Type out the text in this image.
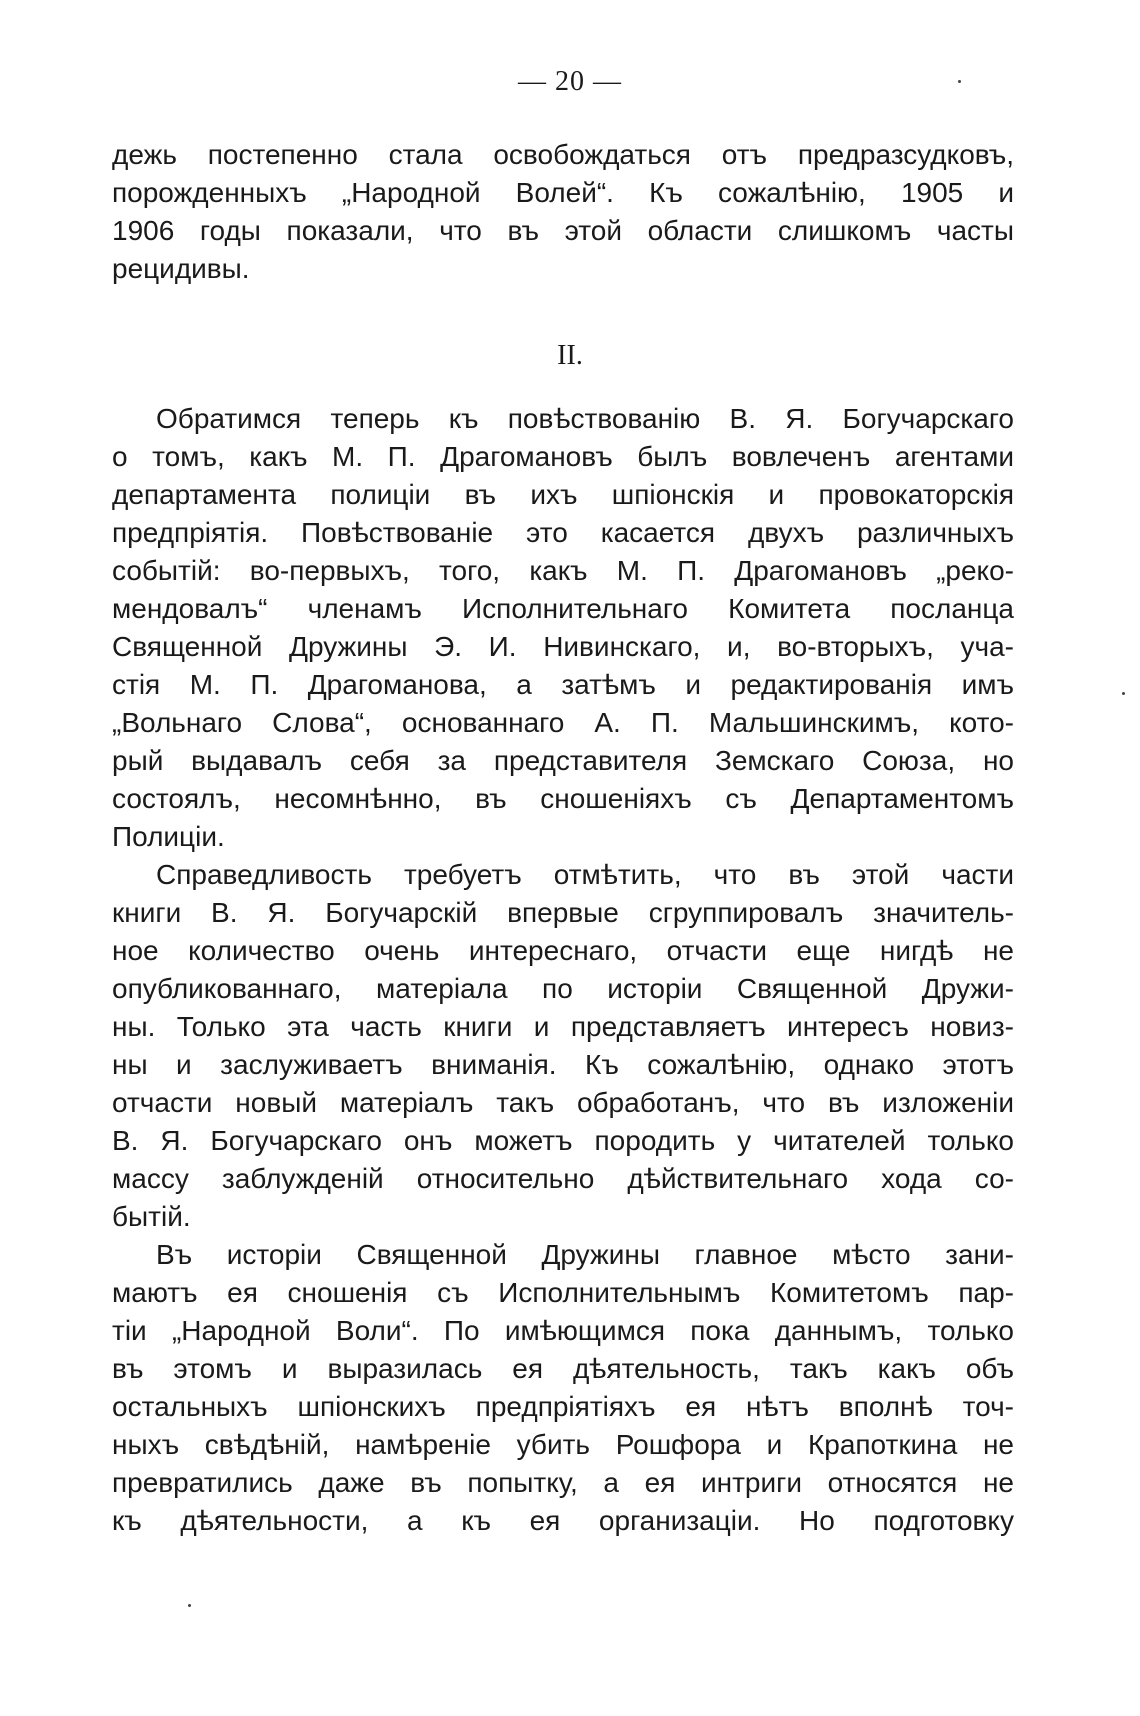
— 20 —
дежь постепенно стала освобождаться отъ предразсудковъ,
порожденныхъ „Народной Волей“. Къ сожалѣнію, 1905 и
1906 годы показали, что въ этой области слишкомъ часты
рецидивы.
II.
Обратимся теперь къ повѣствованію В. Я. Богучарскаго
о томъ, какъ М. П. Драгомановъ былъ вовлеченъ агентами
департамента полиціи въ ихъ шпіонскія и провокаторскія
предпріятія. Повѣствованіе это касается двухъ различныхъ
событій: во-первыхъ, того, какъ М. П. Драгомановъ „реко-
мендовалъ“ членамъ Исполнительнаго Комитета посланца
Священной Дружины Э. И. Нивинскаго, и, во-вторыхъ, уча-
стія М. П. Драгоманова, а затѣмъ и редактированія имъ
„Вольнаго Слова“, основаннаго А. П. Мальшинскимъ, кото-
рый выдавалъ себя за представителя Земскаго Союза, но
состоялъ, несомнѣнно, въ сношеніяхъ съ Департаментомъ
Полиціи.
Справедливость требуетъ отмѣтить, что въ этой части
книги В. Я. Богучарскій впервые сгруппировалъ значитель-
ное количество очень интереснаго, отчасти еще нигдѣ не
опубликованнаго, матеріала по исторіи Священной Дружи-
ны. Только эта часть книги и представляетъ интересъ новиз-
ны и заслуживаетъ вниманія. Къ сожалѣнію, однако этотъ
отчасти новый матеріалъ такъ обработанъ, что въ изложеніи
В. Я. Богучарскаго онъ можетъ породить у читателей только
массу заблужденій относительно дѣйствительнаго хода со-
бытій.
Въ исторіи Священной Дружины главное мѣсто зани-
маютъ ея сношенія съ Исполнительнымъ Комитетомъ пар-
тіи „Народной Воли“. По имѣющимся пока даннымъ, только
въ этомъ и выразилась ея дѣятельность, такъ какъ объ
остальныхъ шпіонскихъ предпріятіяхъ ея нѣтъ вполнѣ точ-
ныхъ свѣдѣній, намѣреніе убить Рошфора и Крапоткина не
превратились даже въ попытку, а ея интриги относятся не
къ дѣятельности, а къ ея организаціи. Но подготовку
